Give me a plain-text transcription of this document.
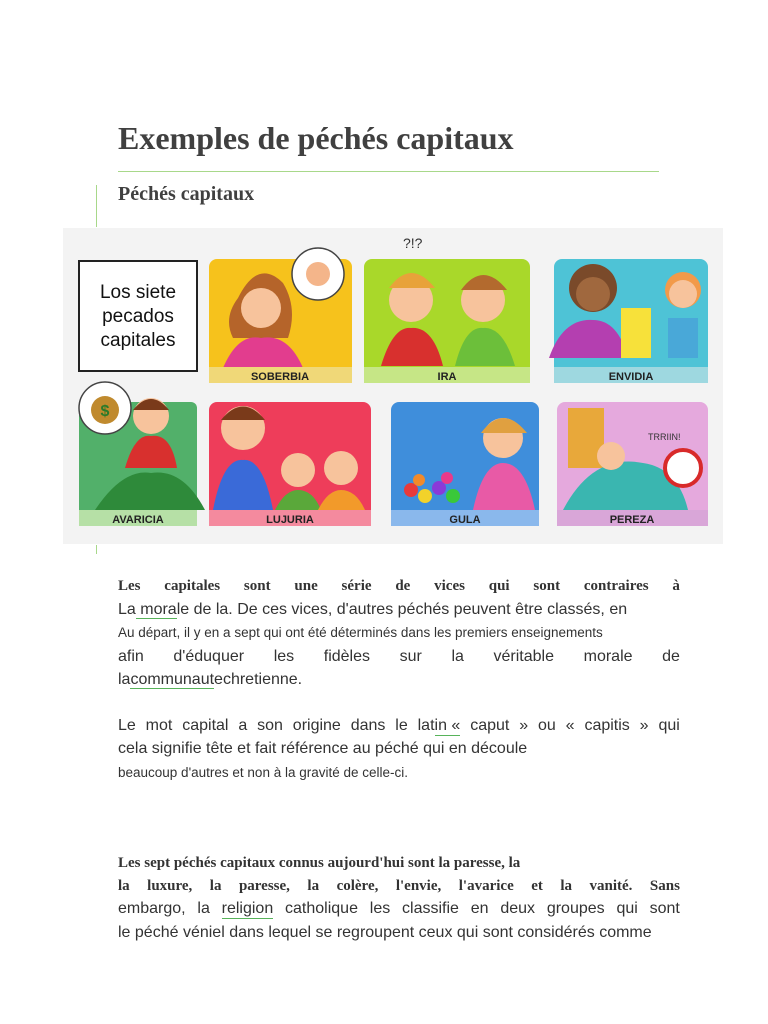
Exemples de péchés capitaux
Péchés capitaux
Los siete
pecados
capitales
SOBERBIA
?!?
IRA	ENVIDIA
$
AVARICIA	LUJURIA	GULA
TRRIIN!
PEREZA
Les capitales sont une série de vices qui sont contraires à
La morale de la. De ces vices, d'autres péchés peuvent être classés, en
Au départ, il y en a sept qui ont été déterminés dans les premiers enseignements
afin d'éduquer les fidèles sur la véritable morale de
lacommunautechretienne.
Le mot capital a son origine dans le latin « caput » ou « capitis » qui
cela signifie tête et fait référence au péché qui en découle
beaucoup d'autres et non à la gravité de celle-ci.
Les sept péchés capitaux connus aujourd'hui sont la paresse, la
la luxure, la paresse, la colère, l'envie, l'avarice et la vanité. Sans
embargo, la religion catholique les classifie en deux groupes qui sont
le péché véniel dans lequel se regroupent ceux qui sont considérés comme
